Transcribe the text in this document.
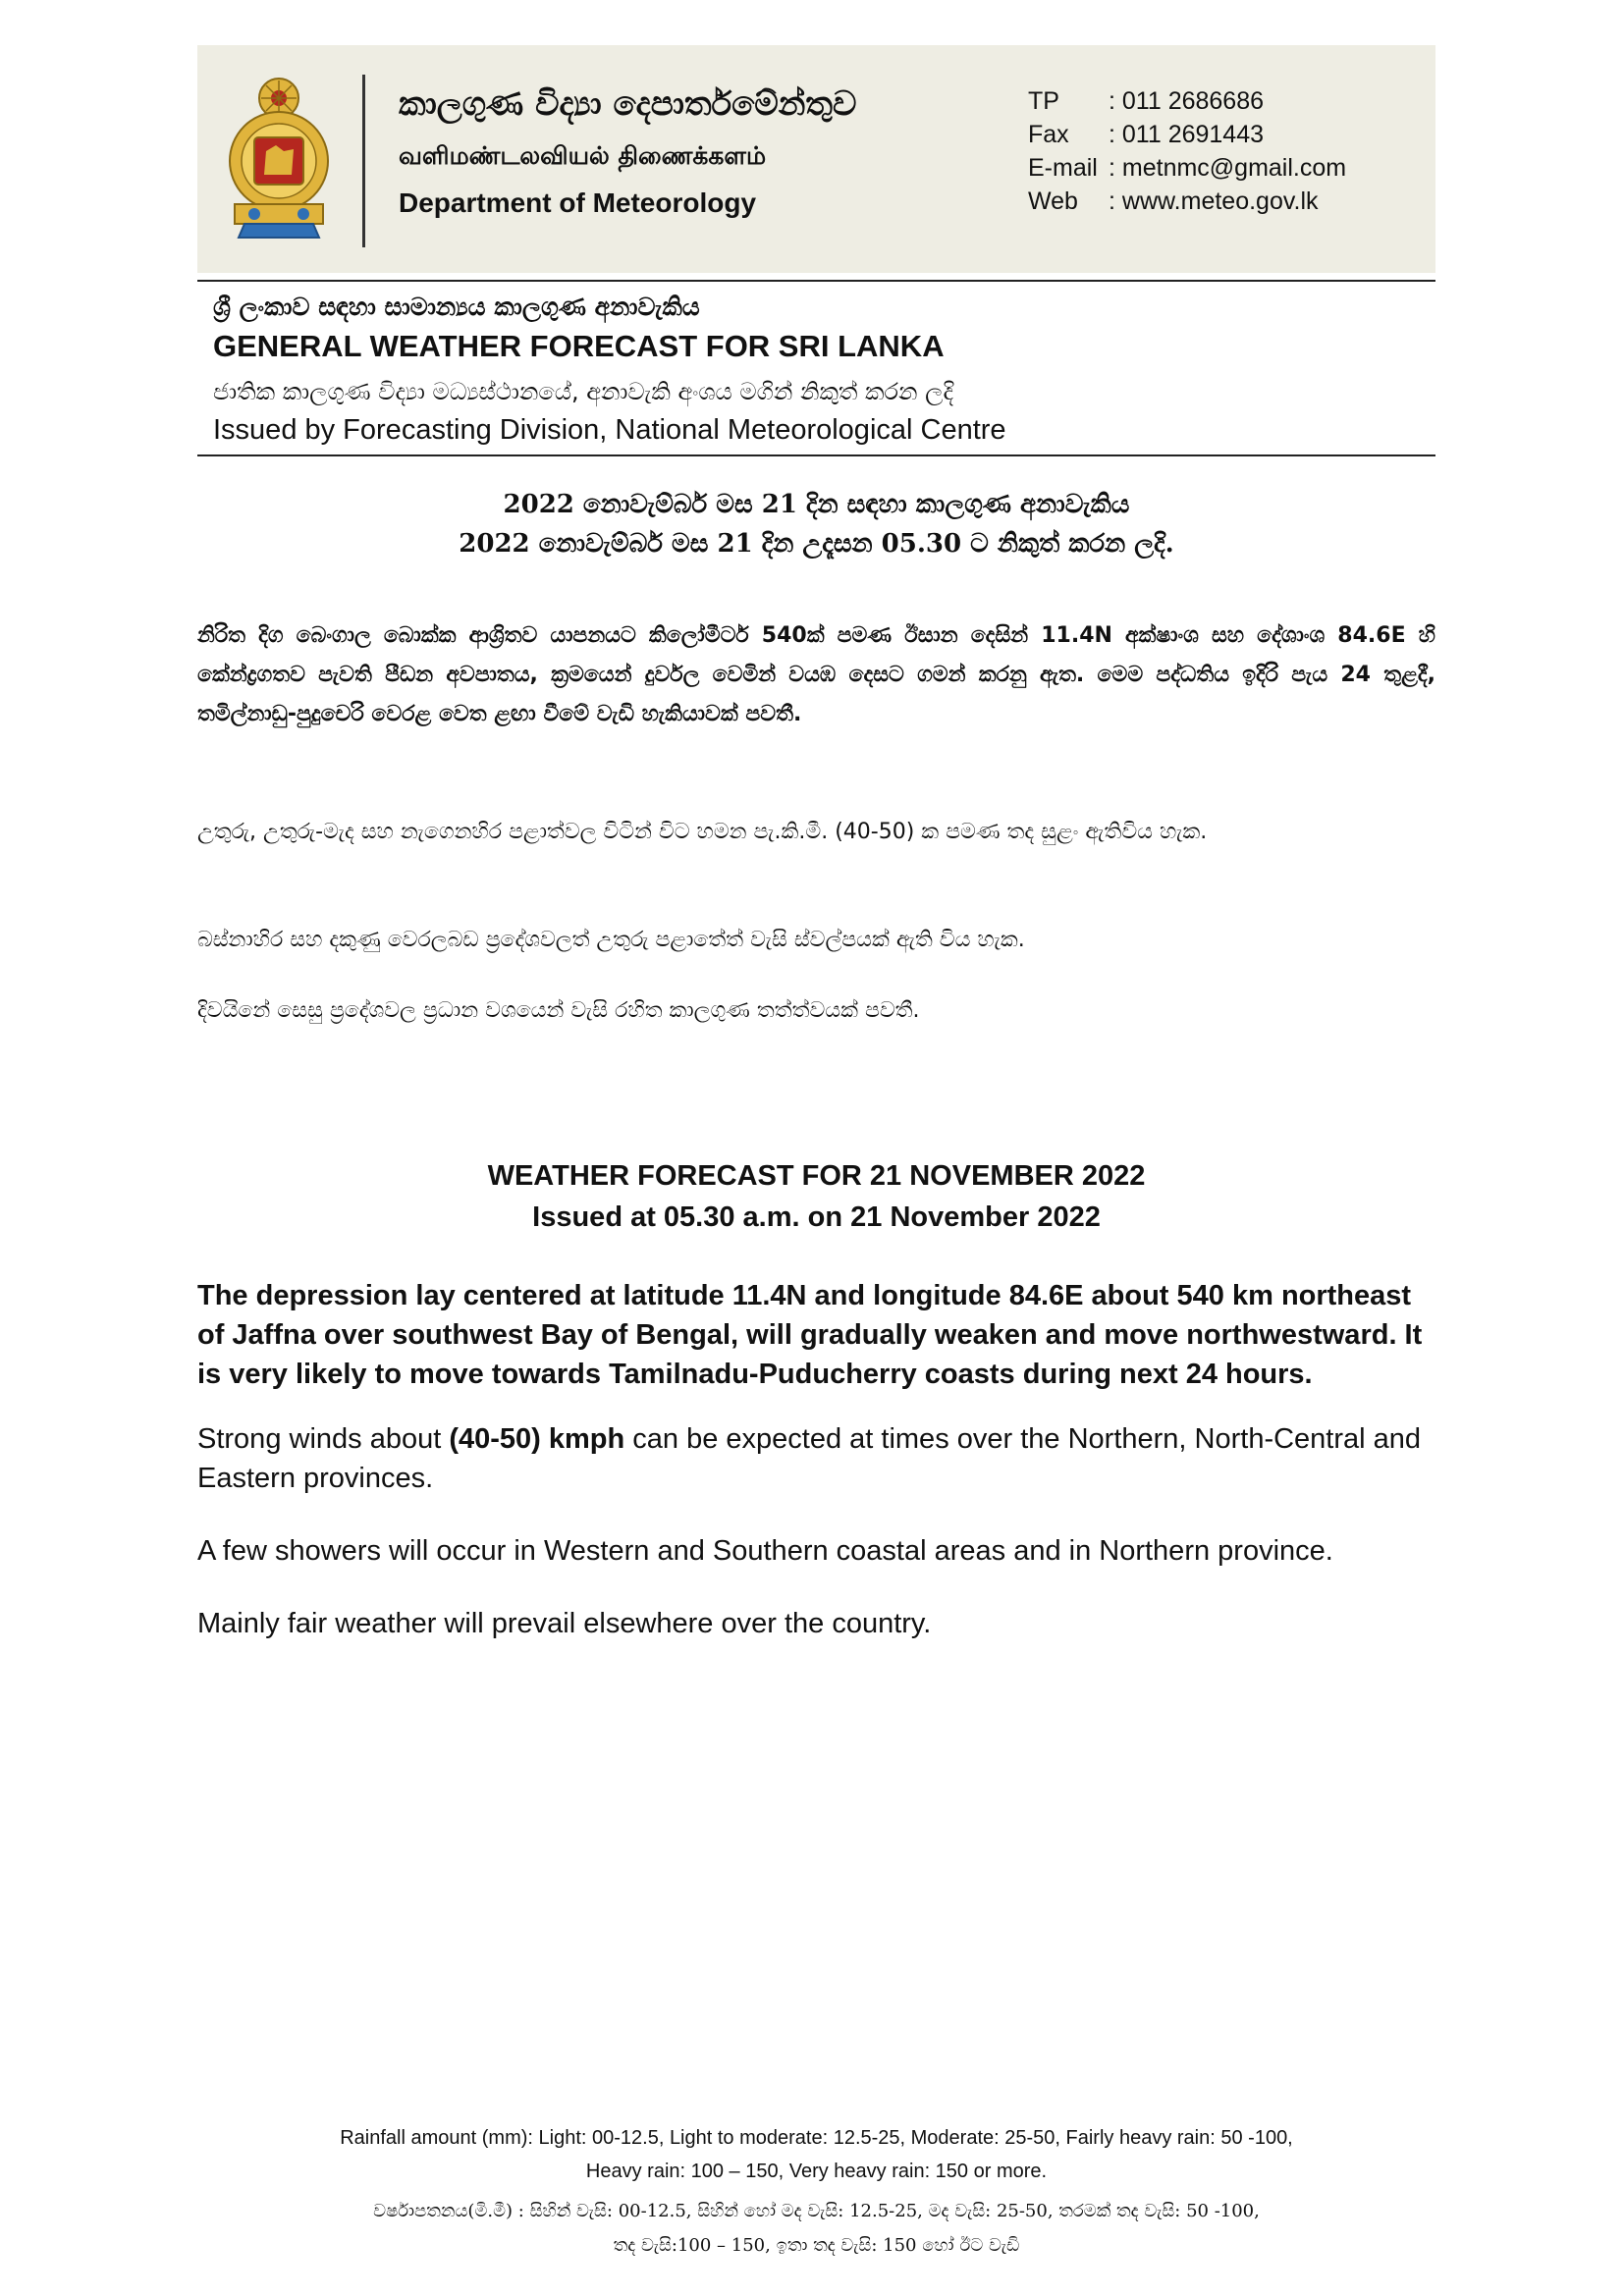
කාලගුණ විද්‍යා දෙපාර්තමේන්තුව
வளிமண்டலவியல் திணைக்களம்
Department of Meteorology
TP	: 011 2686686
Fax	: 011 2691443
E-mail : metnmc@gmail.com
Web	: www.meteo.gov.lk
ශ්‍රී ලංකාව සඳහා සාමාන්‍යය කාලගුණ අනාවැකිය
GENERAL WEATHER FORECAST FOR SRI LANKA
ජාතික කාලගුණ විද්‍යා මධ්‍යස්ථානයේ, අනාවැකි අංශය මගින් නිකුත් කරන ලදි
Issued by Forecasting Division, National Meteorological Centre
2022 නොවැම්බර් මස 21 දින සඳහා කාලගුණ අනාවැකිය
2022 නොවැම්බර් මස 21 දින උදෑසන 05.30 ට නිකුත් කරන ලදි.
නිරිත දිග බෙංගාල බොක්ක ආශ්‍රිතව යාපනයට කිලෝමීටර් 540ක් පමණ ඊසාන දෙසින් 11.4N අක්ෂාංශ සහ දේශාංශ 84.6E හි කේන්ද්‍රගතව පැවති පීඩන අවපාතය, ක්‍රමයෙන් දුර්වල වෙමින් වයඹ දෙසට ගමන් කරනු ඇත. මෙම පද්ධතිය ඉදිරි පැය 24 තුළදී, තමිල්නාඩු-පුදුචෙරි වෙරළ වෙත ළඟා වීමේ වැඩි හැකියාවක් පවතී.
උතුරු, උතුරු-මැද සහ නැගෙනහිර පළාත්වල විටින් විට හමන පැ.කි.මී. (40-50) ක පමණ තද සුළං ඇතිවිය හැක.
බස්නාහිර සහ දකුණු වෙරලබඩ ප්‍රදේශවලත් උතුරු පළාතේත් වැසි ස්වල්පයක් ඇති විය හැක.
දිවයිනේ සෙසු ප්‍රදේශවල ප්‍රධාන වශයෙන් වැසි රහිත කාලගුණ තත්ත්වයක් පවතී.
WEATHER FORECAST FOR 21 NOVEMBER 2022
Issued at 05.30 a.m. on 21 November 2022
The depression lay centered at latitude 11.4N and longitude 84.6E about 540 km northeast of Jaffna over southwest Bay of Bengal, will gradually weaken and move northwestward. It is very likely to move towards Tamilnadu-Puducherry coasts during next 24 hours.
Strong winds about (40-50) kmph can be expected at times over the Northern, North-Central and Eastern provinces.
A few showers will occur in Western and Southern coastal areas and in Northern province.
Mainly fair weather will prevail elsewhere over the country.
Rainfall amount (mm): Light: 00-12.5, Light to moderate: 12.5-25, Moderate: 25-50, Fairly heavy rain: 50 -100,
Heavy rain: 100 – 150, Very heavy rain: 150 or more.
වර්ෂාපතනය(මි.මී) : සිහින් වැසි: 00-12.5, සිහින් හෝ මද වැසි: 12.5-25, මද වැසි: 25-50, තරමක් තද වැසි: 50 -100,
තද වැසි:100 – 150, ඉතා තද වැසි: 150 හෝ ඊට වැඩි
